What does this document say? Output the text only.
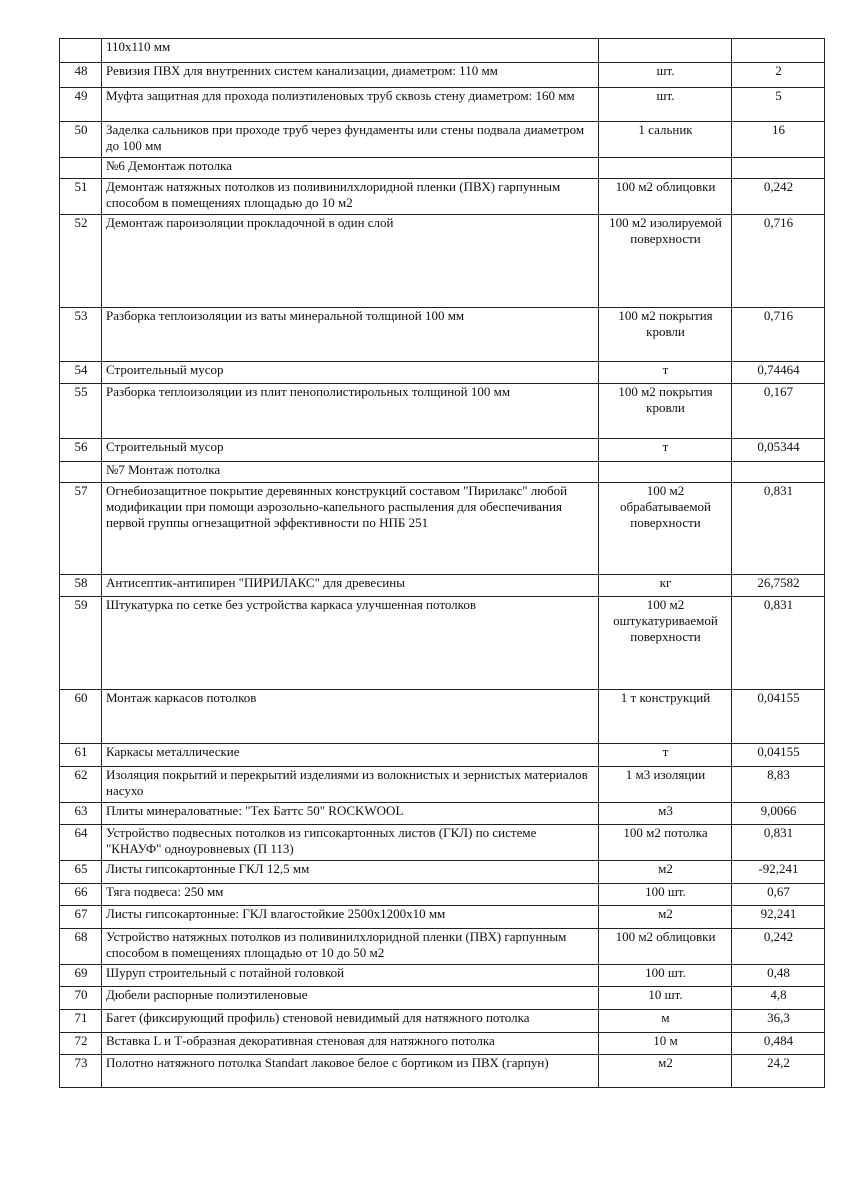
	110x110 мм		
48	Ревизия ПВХ для внутренних систем канализации, диаметром: 110 мм	шт.	2
49	Муфта защитная для прохода полиэтиленовых труб сквозь стену диаметром: 160 мм	шт.	5
50	Заделка сальников при проходе труб через фундаменты или стены подвала диаметром до 100 мм	1 сальник	16
	№6 Демонтаж потолка		
51	Демонтаж натяжных потолков из поливинилхлоридной пленки (ПВХ) гарпунным способом в помещениях площадью до 10 м2	100 м2 облицовки	0,242
52	Демонтаж пароизоляции прокладочной в один слой	100 м2 изолируемой поверхности	0,716
53	Разборка теплоизоляции из ваты минеральной толщиной 100 мм	100 м2 покрытия кровли	0,716
54	Строительный мусор	т	0,74464
55	Разборка теплоизоляции из плит пенополистирольных толщиной 100 мм	100 м2 покрытия кровли	0,167
56	Строительный мусор	т	0,05344
	№7 Монтаж потолка		
57	Огнебиозащитное покрытие деревянных конструкций составом "Пирилакс" любой модификации при помощи аэрозольно-капельного распыления для обеспечивания первой группы огнезащитной эффективности по НПБ 251	100 м2 обрабатываемой поверхности	0,831
58	Антисептик-антипирен "ПИРИЛАКС" для древесины	кг	26,7582
59	Штукатурка по сетке без устройства каркаса улучшенная потолков	100 м2 оштукатуриваемой поверхности	0,831
60	Монтаж каркасов потолков	1 т конструкций	0,04155
61	Каркасы металлические	т	0,04155
62	Изоляция покрытий и перекрытий изделиями из волокнистых и зернистых материалов насухо	1 м3 изоляции	8,83
63	Плиты минераловатные: "Тех Баттс 50" ROCKWOOL	м3	9,0066
64	Устройство подвесных потолков из гипсокартонных листов (ГКЛ) по системе "КНАУФ" одноуровневых (П 113)	100 м2 потолка	0,831
65	Листы гипсокартонные ГКЛ 12,5 мм	м2	-92,241
66	Тяга подвеса: 250 мм	100 шт.	0,67
67	Листы гипсокартонные: ГКЛ влагостойкие 2500х1200х10 мм	м2	92,241
68	Устройство натяжных потолков из поливинилхлоридной пленки (ПВХ) гарпунным способом в помещениях площадью от 10 до 50 м2	100 м2 облицовки	0,242
69	Шуруп строительный с потайной головкой	100 шт.	0,48
70	Дюбели распорные полиэтиленовые	10 шт.	4,8
71	Багет (фиксирующий профиль) стеновой невидимый для натяжного потолка	м	36,3
72	Вставка L и Т-образная декоративная стеновая для натяжного потолка	10 м	0,484
73	Полотно натяжного потолка Standart лаковое белое с бортиком из ПВХ (гарпун)	м2	24,2
